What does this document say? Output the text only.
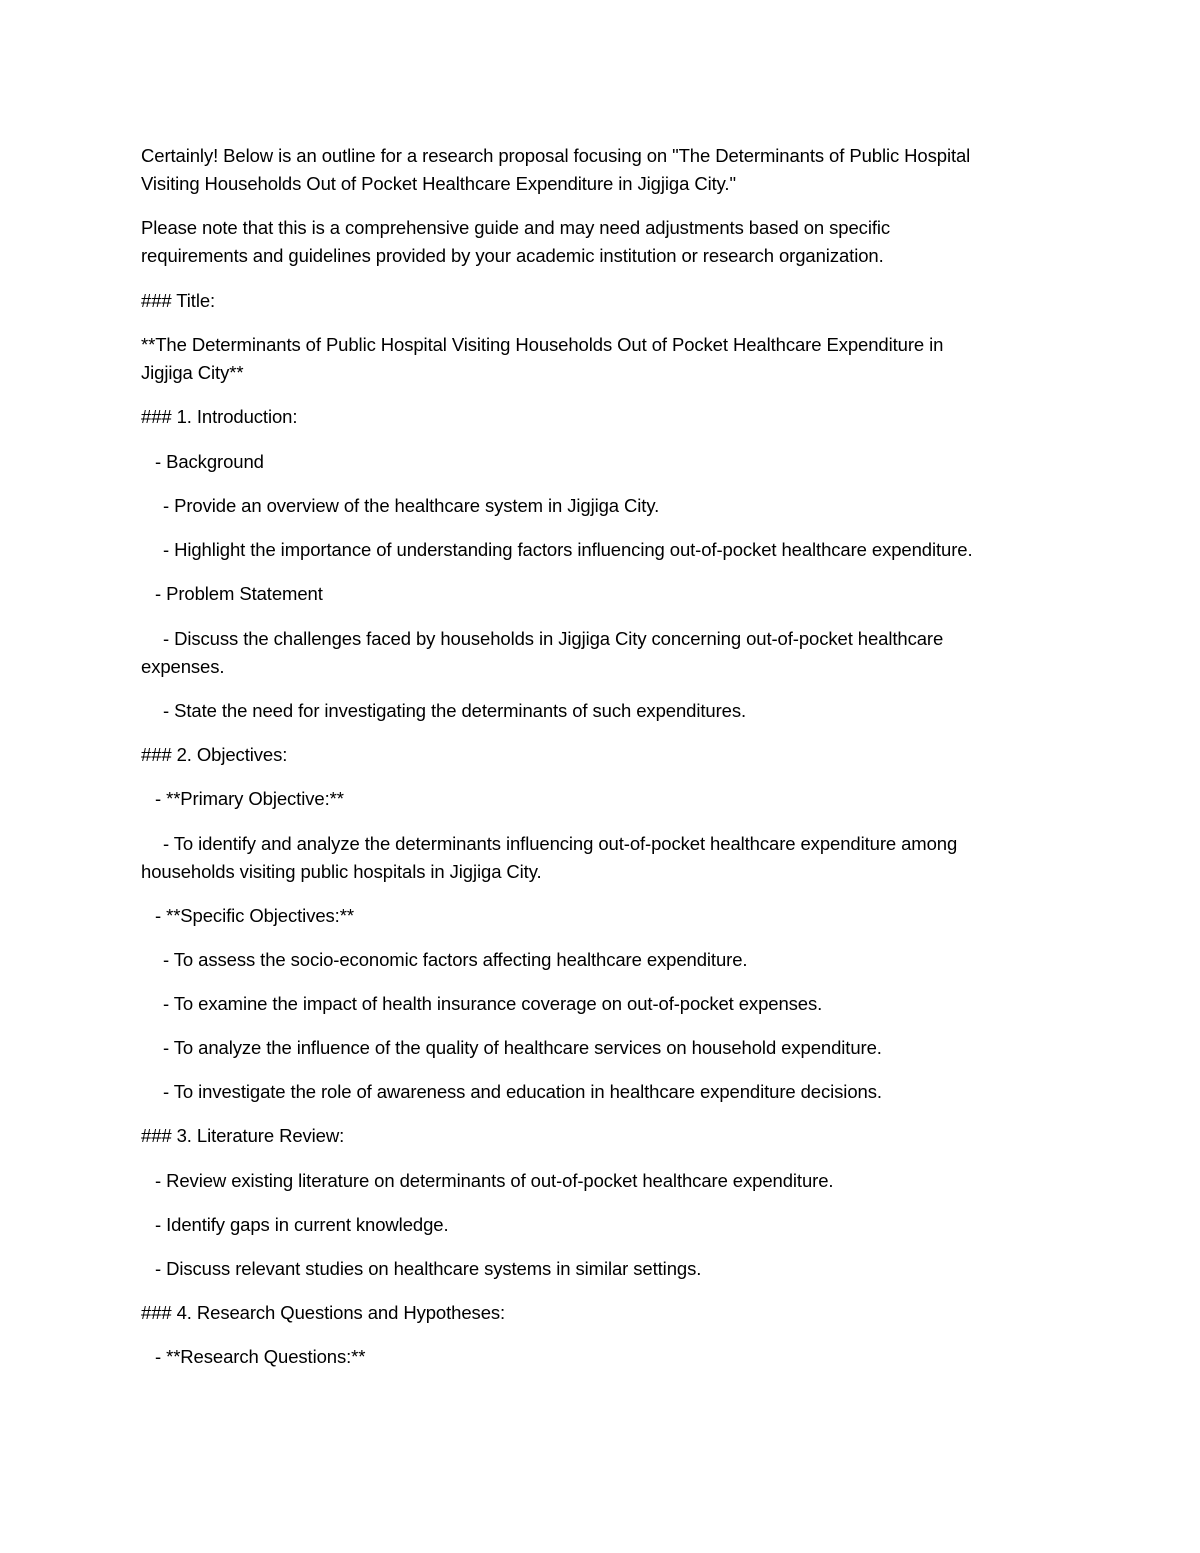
Certainly! Below is an outline for a research proposal focusing on "The Determinants of Public Hospital
Visiting Households Out of Pocket Healthcare Expenditure in Jigjiga City."
Please note that this is a comprehensive guide and may need adjustments based on specific
requirements and guidelines provided by your academic institution or research organization.
### Title:
**The Determinants of Public Hospital Visiting Households Out of Pocket Healthcare Expenditure in
Jigjiga City**
### 1. Introduction:
- Background
- Provide an overview of the healthcare system in Jigjiga City.
- Highlight the importance of understanding factors influencing out-of-pocket healthcare expenditure.
- Problem Statement
- Discuss the challenges faced by households in Jigjiga City concerning out-of-pocket healthcare
expenses.
- State the need for investigating the determinants of such expenditures.
### 2. Objectives:
- **Primary Objective:**
- To identify and analyze the determinants influencing out-of-pocket healthcare expenditure among
households visiting public hospitals in Jigjiga City.
- **Specific Objectives:**
- To assess the socio-economic factors affecting healthcare expenditure.
- To examine the impact of health insurance coverage on out-of-pocket expenses.
- To analyze the influence of the quality of healthcare services on household expenditure.
- To investigate the role of awareness and education in healthcare expenditure decisions.
### 3. Literature Review:
- Review existing literature on determinants of out-of-pocket healthcare expenditure.
- Identify gaps in current knowledge.
- Discuss relevant studies on healthcare systems in similar settings.
### 4. Research Questions and Hypotheses:
- **Research Questions:**
